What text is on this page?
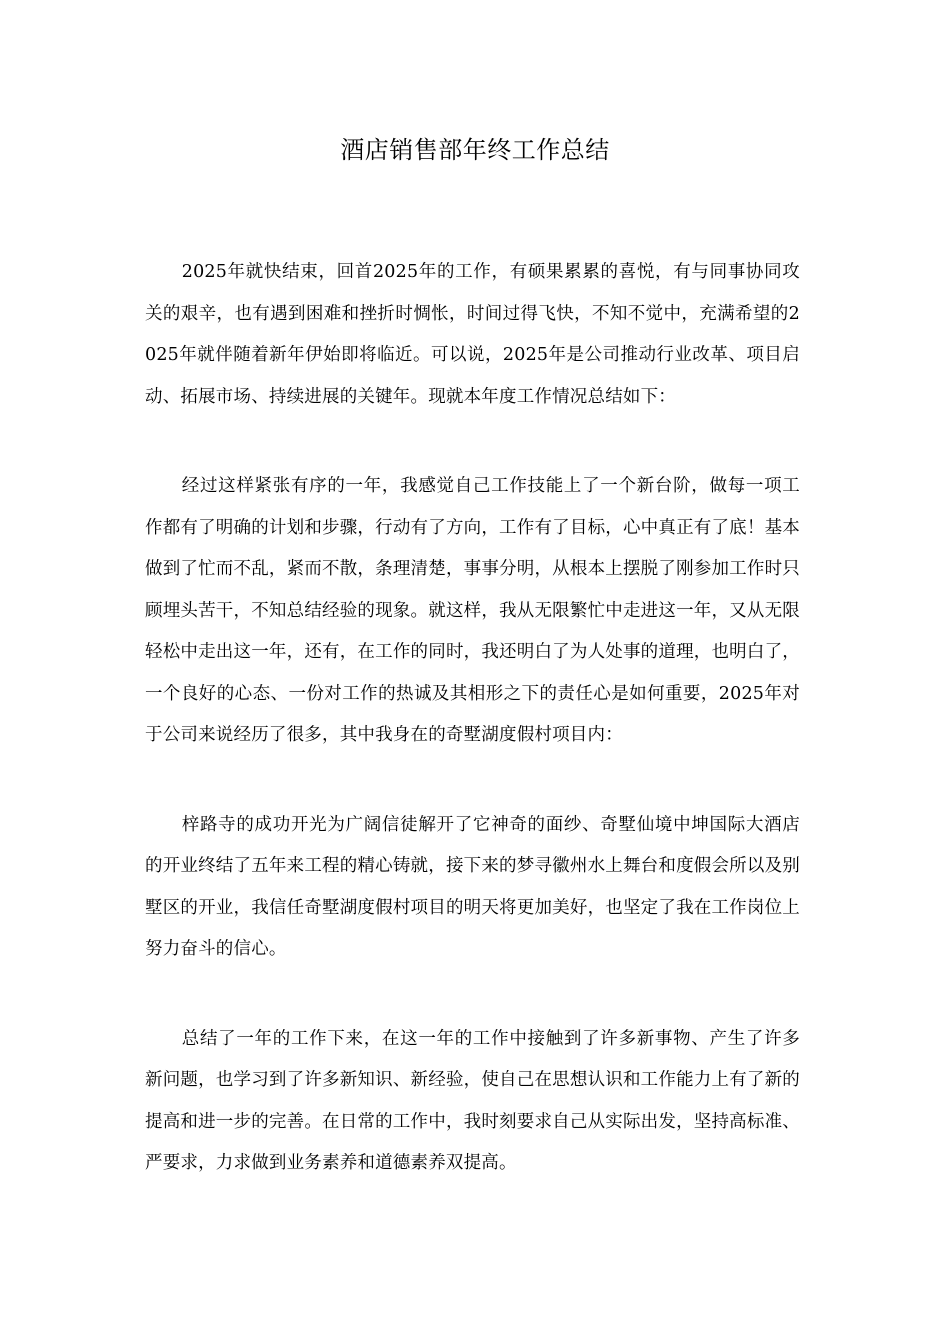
酒店销售部年终工作总结

2025年就快结束，回首2025年的工作，有硕果累累的喜悦，有与同事协同攻关的艰辛，也有遇到困难和挫折时惆怅，时间过得飞快，不知不觉中，充满希望的2025年就伴随着新年伊始即将临近。可以说，2025年是公司推动行业改革、项目启动、拓展市场、持续进展的关键年。现就本年度工作情况总结如下：

经过这样紧张有序的一年，我感觉自己工作技能上了一个新台阶，做每一项工作都有了明确的计划和步骤，行动有了方向，工作有了目标，心中真正有了底！基本做到了忙而不乱，紧而不散，条理清楚，事事分明，从根本上摆脱了刚参加工作时只顾埋头苦干，不知总结经验的现象。就这样，我从无限繁忙中走进这一年，又从无限轻松中走出这一年，还有，在工作的同时，我还明白了为人处事的道理，也明白了，一个良好的心态、一份对工作的热诚及其相形之下的责任心是如何重要，2025年对于公司来说经历了很多，其中我身在的奇墅湖度假村项目内：

梓路寺的成功开光为广阔信徒解开了它神奇的面纱、奇墅仙境中坤国际大酒店的开业终结了五年来工程的精心铸就，接下来的梦寻徽州水上舞台和度假会所以及别墅区的开业，我信任奇墅湖度假村项目的明天将更加美好，也坚定了我在工作岗位上努力奋斗的信心。

总结了一年的工作下来，在这一年的工作中接触到了许多新事物、产生了许多新问题，也学习到了许多新知识、新经验，使自己在思想认识和工作能力上有了新的提高和进一步的完善。在日常的工作中，我时刻要求自己从实际出发，坚持高标准、严要求，力求做到业务素养和道德素养双提高。
